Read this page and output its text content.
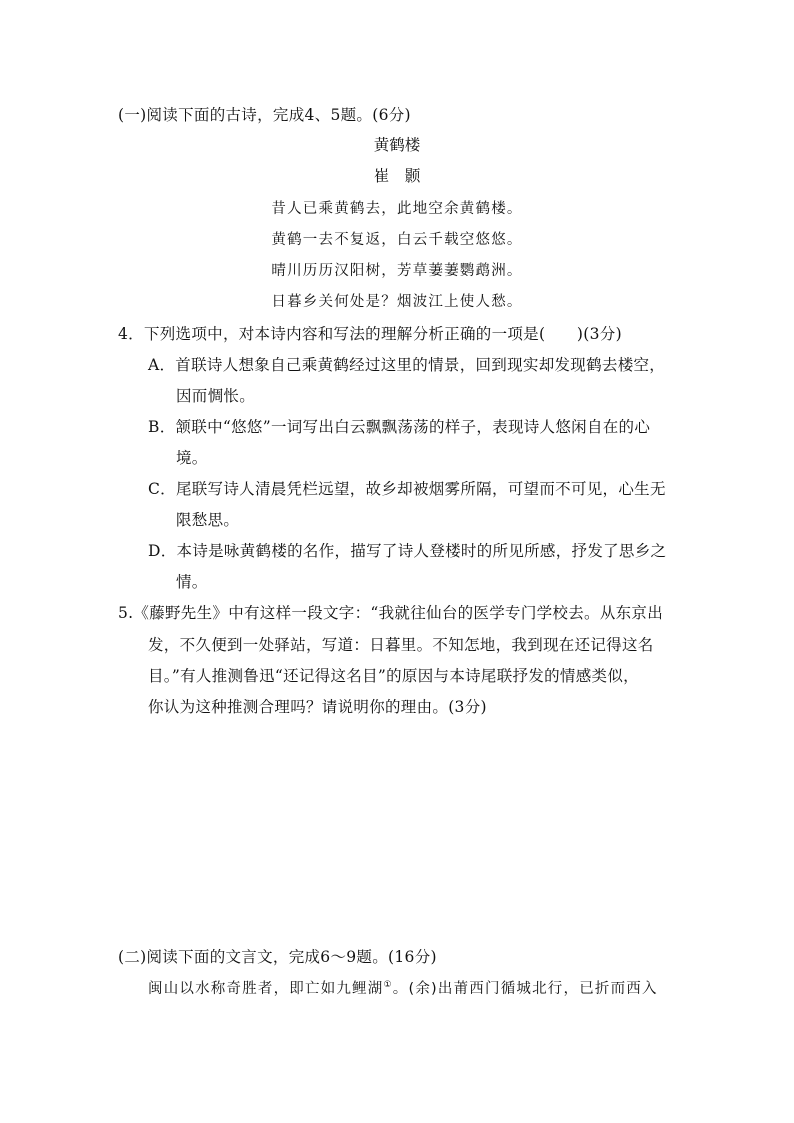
(一)阅读下面的古诗，完成4、5题。(6分)
黄鹤楼
崔　颢
昔人已乘黄鹤去，此地空余黄鹤楼。
黄鹤一去不复返，白云千载空悠悠。
晴川历历汉阳树，芳草萋萋鹦鹉洲。
日暮乡关何处是？烟波江上使人愁。
4．下列选项中，对本诗内容和写法的理解分析正确的一项是(　　)(3分)
A．首联诗人想象自己乘黄鹤经过这里的情景，回到现实却发现鹤去楼空，
因而惆怅。
B．颔联中“悠悠”一词写出白云飘飘荡荡的样子，表现诗人悠闲自在的心
境。
C．尾联写诗人清晨凭栏远望，故乡却被烟雾所隔，可望而不可见，心生无
限愁思。
D．本诗是咏黄鹤楼的名作，描写了诗人登楼时的所见所感，抒发了思乡之
情。
5.《藤野先生》中有这样一段文字：“我就往仙台的医学专门学校去。从东京出
发，不久便到一处驿站，写道：日暮里。不知怎地，我到现在还记得这名
目。”有人推测鲁迅“还记得这名目”的原因与本诗尾联抒发的情感类似，
你认为这种推测合理吗？请说明你的理由。(3分)
(二)阅读下面的文言文，完成6～9题。(16分)
闽山以水称奇胜者，即亡如九鲤湖①。(余)出莆西门循城北行，已折而西入
